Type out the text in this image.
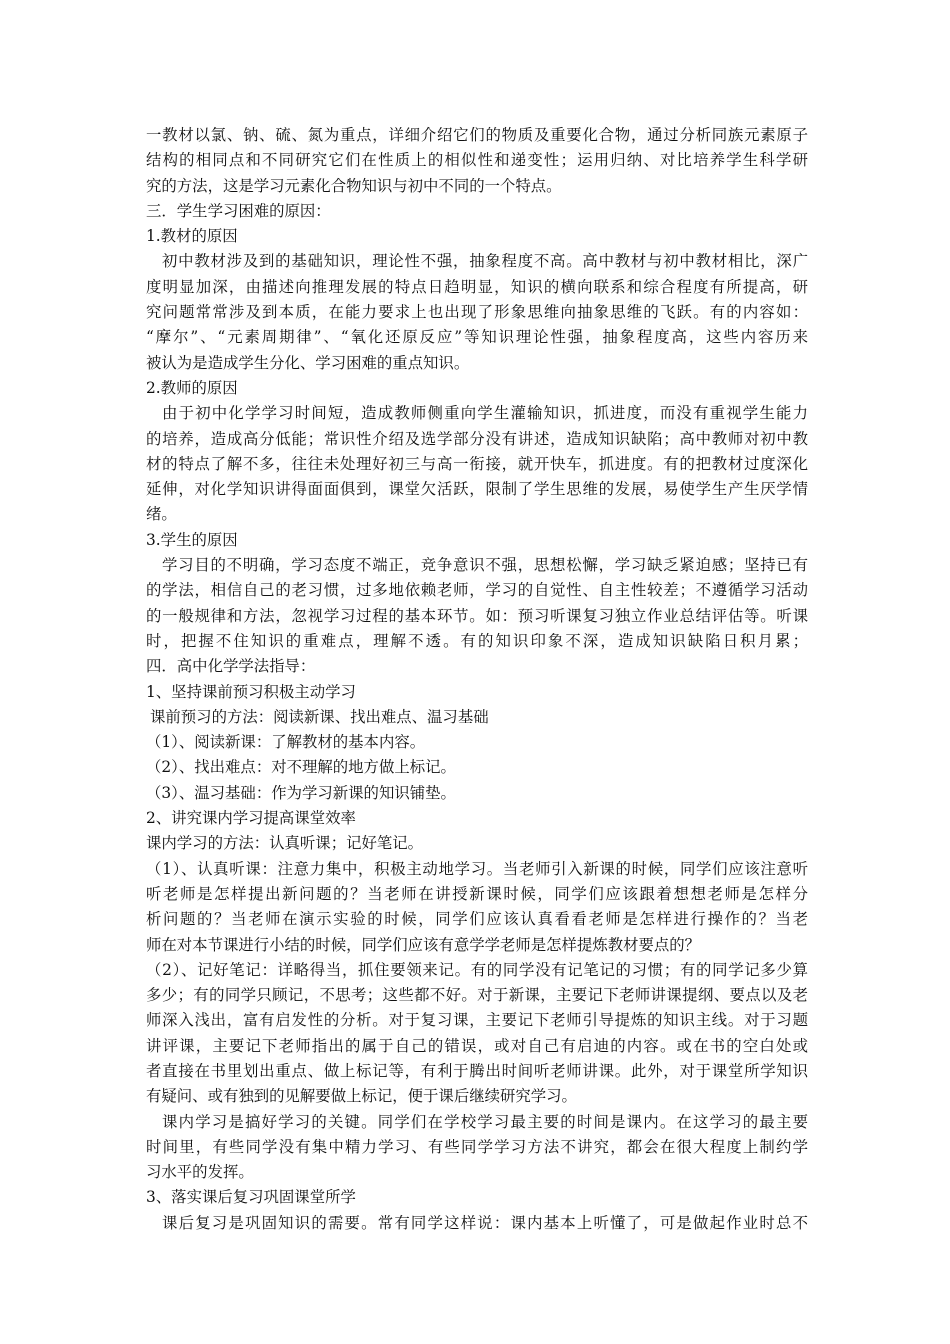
一教材以氯、钠、硫、氮为重点，详细介绍它们的物质及重要化合物，通过分析同族元素原子
结构的相同点和不同研究它们在性质上的相似性和递变性；运用归纳、对比培养学生科学研
究的方法，这是学习元素化合物知识与初中不同的一个特点。
三．学生学习困难的原因：
1.教材的原因
初中教材涉及到的基础知识，理论性不强，抽象程度不高。高中教材与初中教材相比，深广
度明显加深，由描述向推理发展的特点日趋明显，知识的横向联系和综合程度有所提高，研
究问题常常涉及到本质，在能力要求上也出现了形象思维向抽象思维的飞跃。有的内容如：
“摩尔”、“元素周期律”、“氧化还原反应”等知识理论性强，抽象程度高，这些内容历来
被认为是造成学生分化、学习困难的重点知识。
2.教师的原因
由于初中化学学习时间短，造成教师侧重向学生灌输知识，抓进度，而没有重视学生能力
的培养，造成高分低能；常识性介绍及选学部分没有讲述，造成知识缺陷；高中教师对初中教
材的特点了解不多，往往未处理好初三与高一衔接，就开快车，抓进度。有的把教材过度深化
延伸，对化学知识讲得面面俱到，课堂欠活跃，限制了学生思维的发展，易使学生产生厌学情
绪。
3.学生的原因
学习目的不明确，学习态度不端正，竞争意识不强，思想松懈，学习缺乏紧迫感；坚持已有
的学法，相信自己的老习惯，过多地依赖老师，学习的自觉性、自主性较差；不遵循学习活动
的一般规律和方法，忽视学习过程的基本环节。如：预习听课复习独立作业总结评估等。听课
时，把握不住知识的重难点，理解不透。有的知识印象不深，造成知识缺陷日积月累；
四．高中化学学法指导：
1、坚持课前预习积极主动学习
课前预习的方法：阅读新课、找出难点、温习基础
（1）、阅读新课：了解教材的基本内容。
（2）、找出难点：对不理解的地方做上标记。
（3）、温习基础：作为学习新课的知识铺垫。
2、讲究课内学习提高课堂效率
课内学习的方法：认真听课；记好笔记。
（1）、认真听课：注意力集中，积极主动地学习。当老师引入新课的时候，同学们应该注意听
听老师是怎样提出新问题的？当老师在讲授新课时候，同学们应该跟着想想老师是怎样分
析问题的？当老师在演示实验的时候，同学们应该认真看看老师是怎样进行操作的？当老
师在对本节课进行小结的时候，同学们应该有意学学老师是怎样提炼教材要点的？
（2）、记好笔记：详略得当，抓住要领来记。有的同学没有记笔记的习惯；有的同学记多少算
多少；有的同学只顾记，不思考；这些都不好。对于新课，主要记下老师讲课提纲、要点以及老
师深入浅出，富有启发性的分析。对于复习课，主要记下老师引导提炼的知识主线。对于习题
讲评课，主要记下老师指出的属于自己的错误，或对自己有启迪的内容。或在书的空白处或
者直接在书里划出重点、做上标记等，有利于腾出时间听老师讲课。此外，对于课堂所学知识
有疑问、或有独到的见解要做上标记，便于课后继续研究学习。
课内学习是搞好学习的关键。同学们在学校学习最主要的时间是课内。在这学习的最主要
时间里，有些同学没有集中精力学习、有些同学学习方法不讲究，都会在很大程度上制约学
习水平的发挥。
3、落实课后复习巩固课堂所学
课后复习是巩固知识的需要。常有同学这样说：课内基本上听懂了，可是做起作业时总不
